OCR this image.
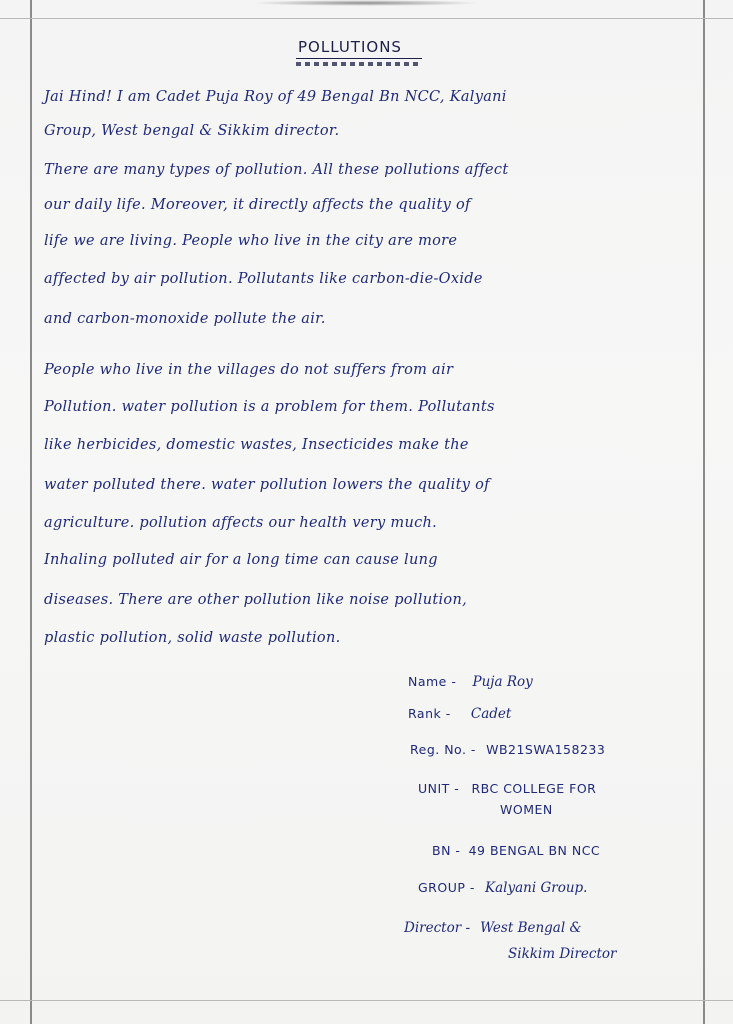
POLLUTIONS
Jai Hind! I am Cadet Puja Roy of 49 Bengal Bn NCC, Kalyani
Group, West bengal & Sikkim director.
There are many types of pollution. All these pollutions affect
our daily life. Moreover, it directly affects the quality of
life we are living. People who live in the city are more
affected by air pollution. Pollutants like carbon-die-Oxide
and carbon-monoxide pollute the air.
People who live in the villages do not suffers from air
Pollution. water pollution is a problem for them. Pollutants
like herbicides, domestic wastes, Insecticides make the
water polluted there. water pollution lowers the quality of
agriculture. pollution affects our health very much.
Inhaling polluted air for a long time can cause lung
diseases. There are other pollution like noise pollution,
plastic pollution, solid waste pollution.
Name - Puja Roy
Rank - Cadet
Reg. No. - WB21SWA158233
UNIT - RBC COLLEGE FOR
WOMEN
BN - 49 BENGAL BN NCC
GROUP - Kalyani Group.
Director - West Bengal &
Sikkim Director
